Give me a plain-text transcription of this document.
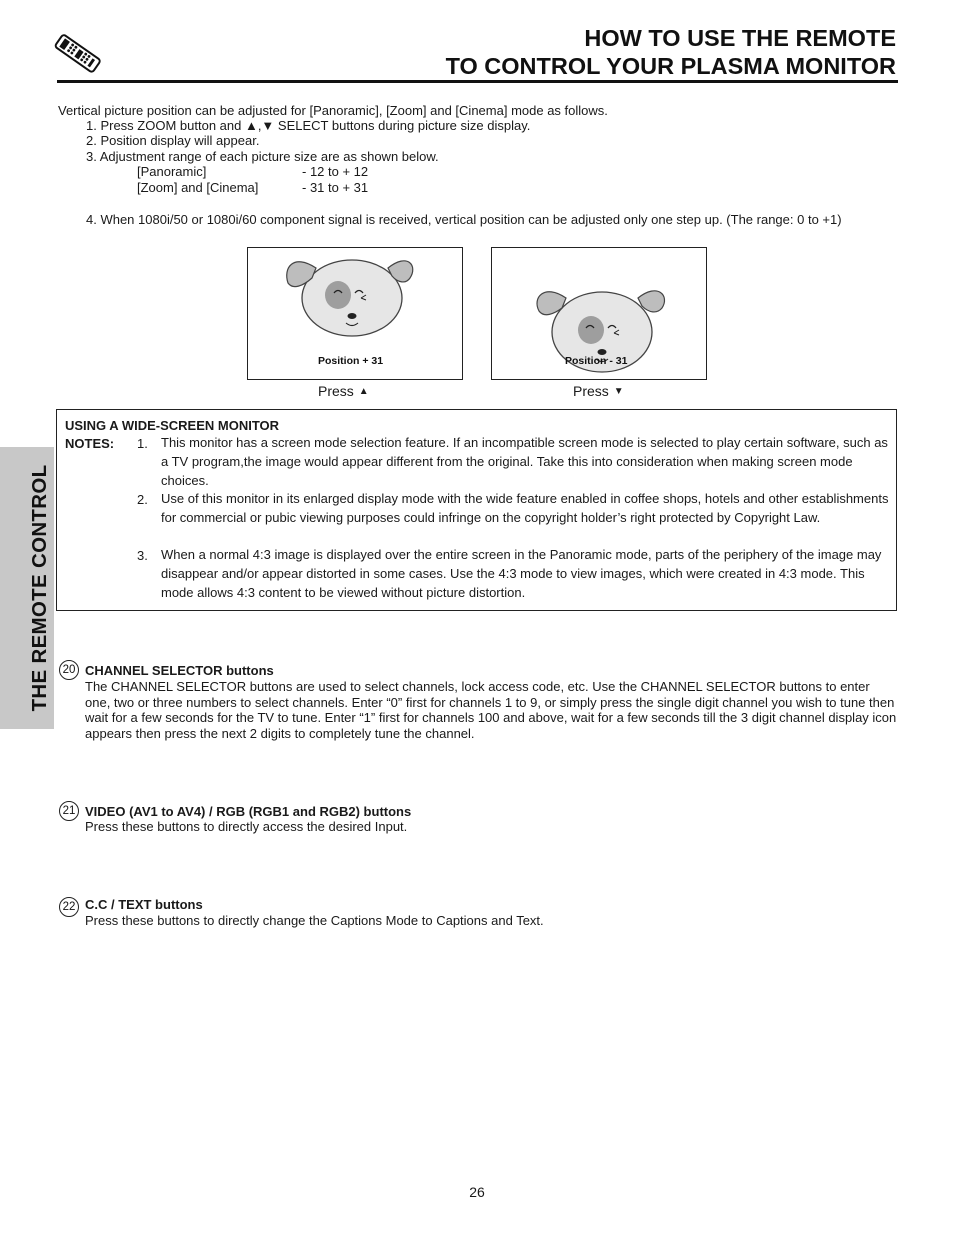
HOW TO USE THE REMOTE
TO CONTROL YOUR PLASMA MONITOR
THE REMOTE CONTROL
Vertical picture position can be adjusted for [Panoramic], [Zoom] and [Cinema] mode as follows.
1. Press ZOOM button and ▲,▼ SELECT buttons during picture size display.
2. Position display will appear.
3. Adjustment range of each picture size are as shown below.
[Panoramic]	- 12 to + 12
[Zoom] and [Cinema]	- 31 to + 31
4. When 1080i/50 or 1080i/60 component signal is received, vertical position can be adjusted only one step up. (The range: 0 to +1)
Position + 31
Press ▲
Position - 31
Press ▼
USING A WIDE-SCREEN MONITOR
NOTES: 1. This monitor has a screen mode selection feature. If an incompatible screen mode is selected to play certain software, such as a TV program,the image would appear different from the original. Take this into consideration when making screen mode choices.
2. Use of this monitor in its enlarged display mode with the wide feature enabled in coffee shops, hotels and other establishments for commercial or pubic viewing purposes could infringe on the copyright holder’s right protected by Copyright Law.
3. When a normal 4:3 image is displayed over the entire screen in the Panoramic mode, parts of the periphery of the image may disappear and/or appear distorted in some cases. Use the 4:3 mode to view images, which were created in 4:3 mode. This mode allows 4:3 content to be viewed without picture distortion.
20 CHANNEL SELECTOR buttons
The CHANNEL SELECTOR buttons are used to select channels, lock access code, etc. Use the CHANNEL SELECTOR buttons to enter one, two or three numbers to select channels. Enter “0” first for channels 1 to 9, or simply press the single digit channel you wish to tune then wait for a few seconds for the TV to tune. Enter “1” first for channels 100 and above, wait for a few seconds till the 3 digit channel display icon appears then press the next 2 digits to completely tune the channel.
21 VIDEO (AV1 to AV4) / RGB (RGB1 and RGB2) buttons
Press these buttons to directly access the desired Input.
22 C.C / TEXT buttons
Press these buttons to directly change the Captions Mode to Captions and Text.
26
